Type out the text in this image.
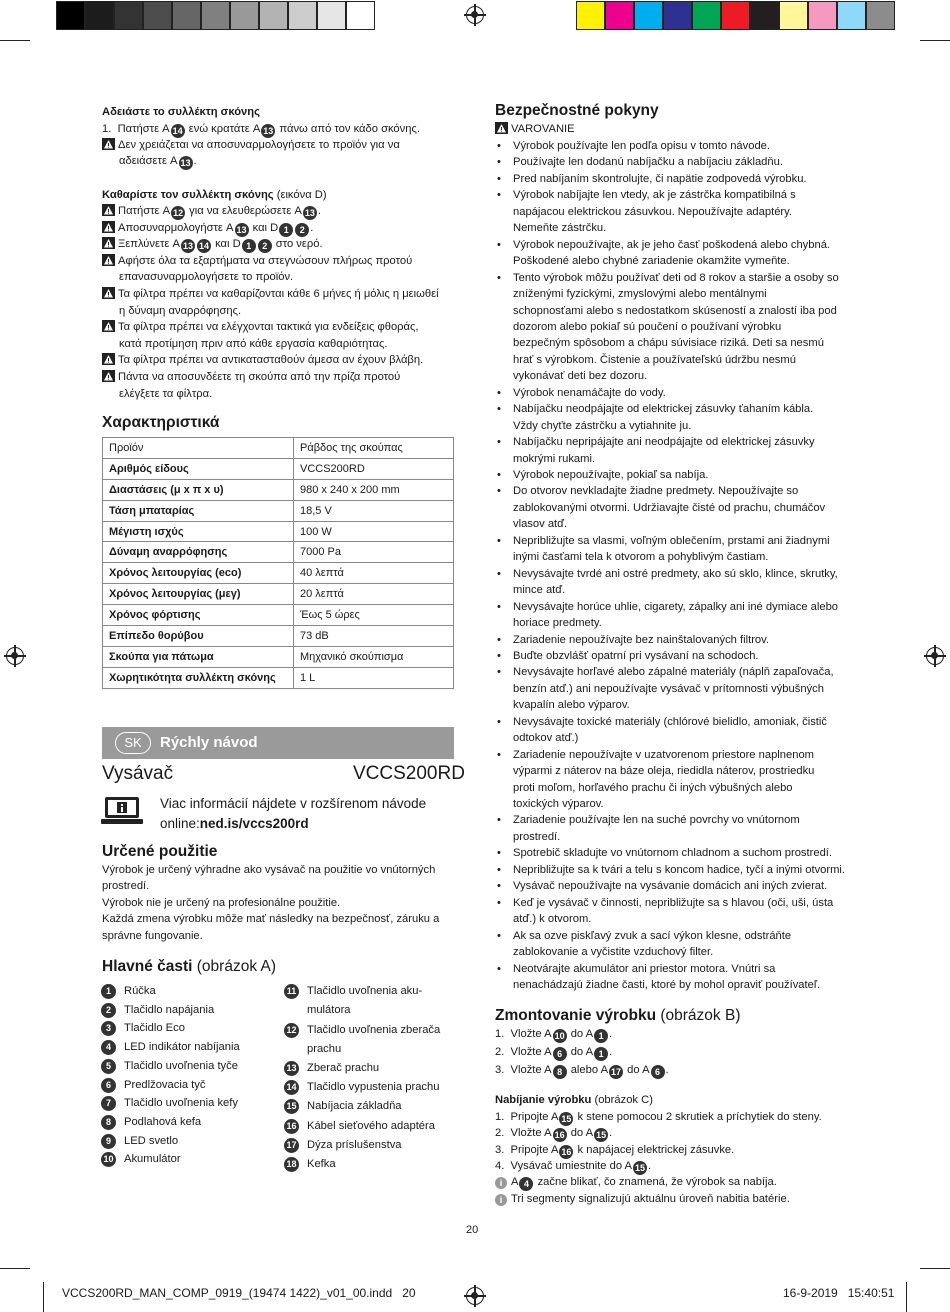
Αδειάστε το συλλέκτη σκόνης
1. Πατήστε A 14 ενώ κρατάτε A 13 πάνω από τον κάδο σκόνης.
Δεν χρειάζεται να αποσυναρμολογήσετε το προϊόν για να
αδειάσετε A 13 .
Καθαρίστε τον συλλέκτη σκόνης (εικόνα D)
Πατήστε A 12 για να ελευθερώσετε A 13 .
Αποσυναρμολογήστε A 13 και D 1 2 .
Ξεπλύνετε A 13 14 και D 1 2 στο νερό.
Αφήστε όλα τα εξαρτήματα να στεγνώσουν πλήρως προτού
επανασυναρμολογήσετε το προϊόν.
Τα φίλτρα πρέπει να καθαρίζονται κάθε 6 μήνες ή μόλις η μειωθεί
η δύναμη αναρρόφησης.
Τα φίλτρα πρέπει να ελέγχονται τακτικά για ενδείξεις φθοράς,
κατά προτίμηση πριν από κάθε εργασία καθαριότητας.
Τα φίλτρα πρέπει να αντικατασταθούν άμεσα αν έχουν βλάβη.
Πάντα να αποσυνδέετε τη σκούπα από την πρίζα προτού
ελέγξετε τα φίλτρα.
Χαρακτηριστικά
Προϊόν	Ράβδος της σκούπας
Αριθμός είδους	VCCS200RD
Διαστάσεις (μ x π x υ)	980 x 240 x 200 mm
Τάση μπαταρίας	18,5 V
Μέγιστη ισχύς	100 W
Δύναμη αναρρόφησης	7000 Pa
Χρόνος λειτουργίας (eco)	40 λεπτά
Χρόνος λειτουργίας (μεγ)	20 λεπτά
Χρόνος φόρτισης	Έως 5 ώρες
Επίπεδο θορύβου	73 dB
Σκούπα για πάτωμα	Μηχανικό σκούπισμα
Χωρητικότητα συλλέκτη σκόνης	1 L
SK	Rýchly návod
Vysávač	VCCS200RD
Viac informácií nájdete v rozšírenom návode
online:ned.is/vccs200rd
Určené použitie
Výrobok je určený výhradne ako vysávač na použitie vo vnútorných
prostredí.
Výrobok nie je určený na profesionálne použitie.
Každá zmena výrobku môže mať následky na bezpečnosť, záruku a
správne fungovanie.
Hlavné časti (obrázok A)
1 Rúčka
2 Tlačidlo napájania
3 Tlačidlo Eco
4 LED indikátor nabíjania
5 Tlačidlo uvoľnenia tyče
6 Predlžovacia tyč
7 Tlačidlo uvoľnenia kefy
8 Podlahová kefa
9 LED svetlo
10 Akumulátor
11 Tlačidlo uvoľnenia aku-
mulátora
12 Tlačidlo uvoľnenia zberača
prachu
13 Zberač prachu
14 Tlačidlo vypustenia prachu
15 Nabíjacia základňa
16 Kábel sieťového adaptéra
17 Dýza príslušenstva
18 Kefka
Bezpečnostné pokyny
VAROVANIE
Výrobok používajte len podľa opisu v tomto návode.
•
Používajte len dodanú nabíjačku a nabíjaciu základňu.
•
Pred nabíjaním skontrolujte, či napätie zodpovedá výrobku.
•
Výrobok nabíjajte len vtedy, ak je zástrčka kompatibilná s
•
napájacou elektrickou zásuvkou. Nepoužívajte adaptéry.
Nemeňte zástrčku.
Výrobok nepoužívajte, ak je jeho časť poškodená alebo chybná.
•
Poškodené alebo chybné zariadenie okamžite vymeňte.
Tento výrobok môžu používať deti od 8 rokov a staršie a osoby so
•
zníženými fyzickými, zmyslovými alebo mentálnymi
schopnosťami alebo s nedostatkom skúseností a znalostí iba pod
dozorom alebo pokiaľ sú poučení o používaní výrobku
bezpečným spôsobom a chápu súvisiace riziká. Deti sa nesmú
hrať s výrobkom. Čistenie a používateľskú údržbu nesmú
vykonávať deti bez dozoru.
Výrobok nenamáčajte do vody.
•
Nabíjačku neodpájajte od elektrickej zásuvky ťahaním kábla.
•
Vždy chyťte zástrčku a vytiahnite ju.
Nabíjačku nepripájajte ani neodpájajte od elektrickej zásuvky
•
mokrými rukami.
Výrobok nepoužívajte, pokiaľ sa nabíja.
•
Do otvorov nevkladajte žiadne predmety. Nepoužívajte so
•
zablokovanými otvormi. Udržiavajte čisté od prachu, chumáčov
vlasov atď.
Nepribližujte sa vlasmi, voľným oblečením, prstami ani žiadnymi
•
inými časťami tela k otvorom a pohyblivým častiam.
Nevysávajte tvrdé ani ostré predmety, ako sú sklo, klince, skrutky,
•
mince atď.
Nevysávajte horúce uhlie, cigarety, zápalky ani iné dymiace alebo
•
horiace predmety.
Zariadenie nepoužívajte bez nainštalovaných filtrov.
•
Buďte obzvlášť opatrní pri vysávaní na schodoch.
•
Nevysávajte horľavé alebo zápalné materiály (náplň zapaľovača,
•
benzín atď.) ani nepoužívajte vysávač v prítomnosti výbušných
kvapalín alebo výparov.
Nevysávajte toxické materiály (chlórové bielidlo, amoniak, čistič
•
odtokov atď.)
Zariadenie nepoužívajte v uzatvorenom priestore naplnenom
•
výparmi z náterov na báze oleja, riedidla náterov, prostriedku
proti moľom, horľavého prachu či iných výbušných alebo
toxických výparov.
Zariadenie používajte len na suché povrchy vo vnútornom
•
prostredí.
Spotrebič skladujte vo vnútornom chladnom a suchom prostredí.
•
Nepribližujte sa k tvári a telu s koncom hadice, tyčí a inými otvormi.
•
Vysávač nepoužívajte na vysávanie domácich ani iných zvierat.
•
Keď je vysávač v činnosti, nepribližujte sa s hlavou (oči, uši, ústa
•
atď.) k otvorom.
Ak sa ozve piskľavý zvuk a sací výkon klesne, odstráňte
•
zablokovanie a vyčistite vzduchový filter.
Neotvárajte akumulátor ani priestor motora. Vnútri sa
•
nenachádzajú žiadne časti, ktoré by mohol opraviť používateľ.
Zmontovanie výrobku (obrázok B)
1.  Vložte A 10 do A 1 .
2.  Vložte A 6 do A 1 .
3.  Vložte A 8 alebo A 17 do A 6 .
Nabíjanie výrobku (obrázok C)
1.  Pripojte A 15 k stene pomocou 2 skrutiek a príchytiek do steny.
2.  Vložte A 16 do A 15 .
3.  Pripojte A 16 k napájacej elektrickej zásuvke.
4.  Vysávač umiestnite do A 15 .
i A 4 začne blikať, čo znamená, že výrobok sa nabíja.
i Tri segmenty signalizujú aktuálnu úroveň nabitia batérie.
20
VCCS200RD_MAN_COMP_0919_(19474 1422)_v01_00.indd   20	16-9-2019   15:40:51
